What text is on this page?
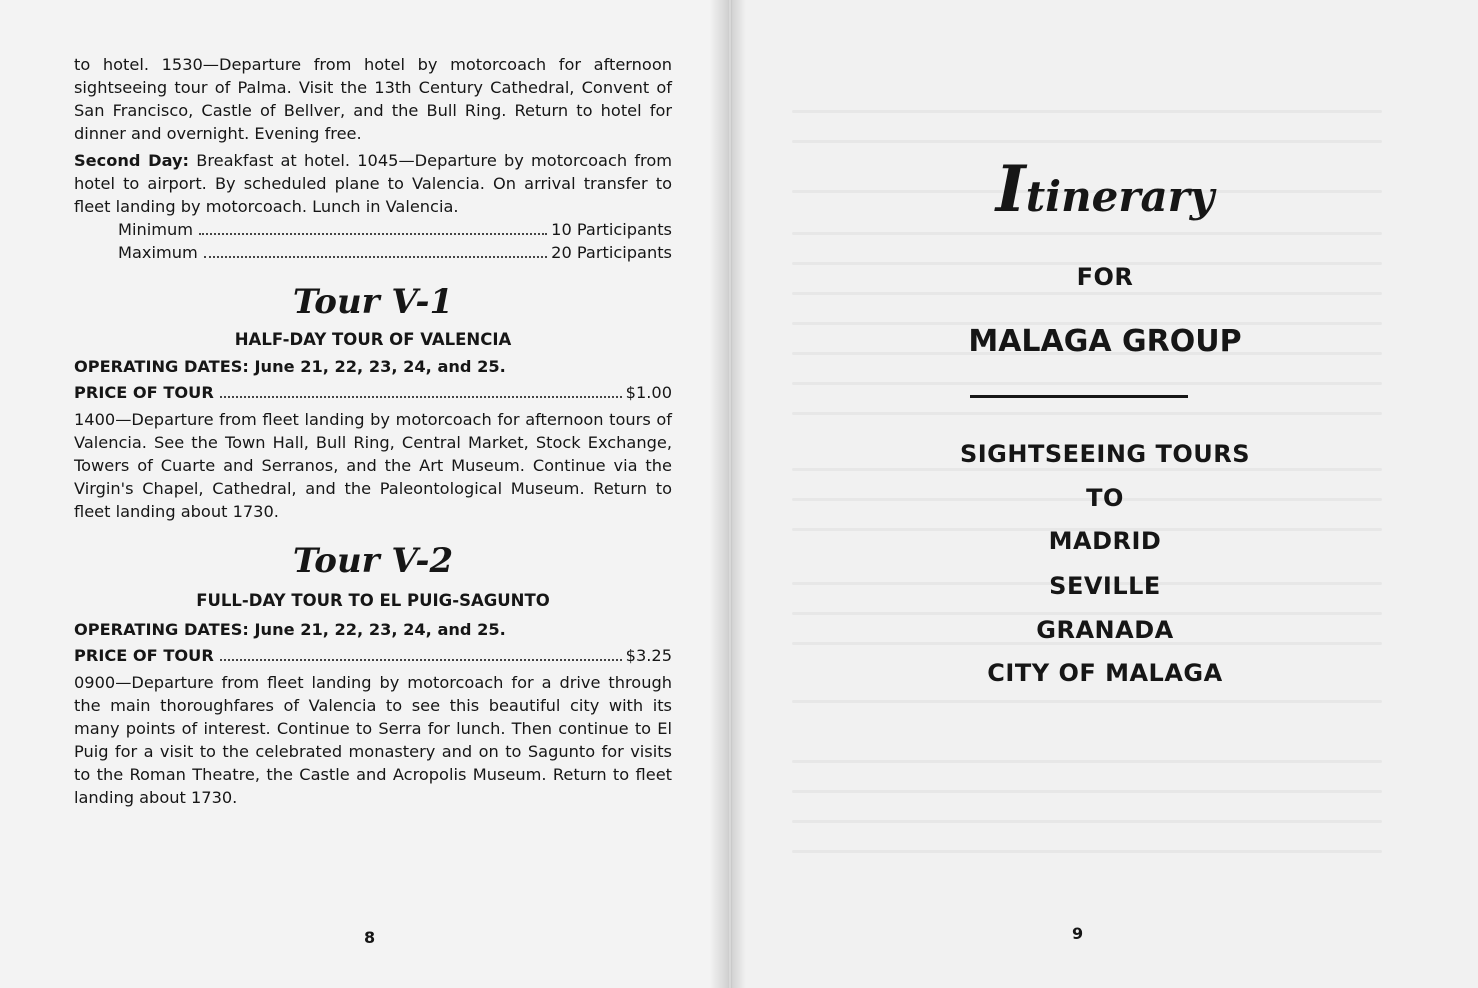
to hotel. 1530—Departure from hotel by motorcoach for afternoon sightseeing tour of Palma. Visit the 13th Century Cathedral, Convent of San Francisco, Castle of Bellver, and the Bull Ring. Return to hotel for dinner and overnight. Evening free.

Second Day: Breakfast at hotel. 1045—Departure by motorcoach from hotel to airport. By scheduled plane to Valencia. On arrival transfer to fleet landing by motorcoach. Lunch in Valencia.

Minimum	10 Participants
Maximum	20 Participants

Tour V-1

HALF-DAY TOUR OF VALENCIA

OPERATING DATES: June 21, 22, 23, 24, and 25.

PRICE OF TOUR	$1.00

1400—Departure from fleet landing by motorcoach for afternoon tours of Valencia. See the Town Hall, Bull Ring, Central Market, Stock Exchange, Towers of Cuarte and Serranos, and the Art Museum. Continue via the Virgin's Chapel, Cathedral, and the Paleontological Museum. Return to fleet landing about 1730.

Tour V-2

FULL-DAY TOUR TO EL PUIG-SAGUNTO

OPERATING DATES: June 21, 22, 23, 24, and 25.

PRICE OF TOUR	$3.25

0900—Departure from fleet landing by motorcoach for a drive through the main thoroughfares of Valencia to see this beautiful city with its many points of interest. Continue to Serra for lunch. Then continue to El Puig for a visit to the celebrated monastery and on to Sagunto for visits to the Roman Theatre, the Castle and Acropolis Museum. Return to fleet landing about 1730.

8
Itinerary
FOR
MALAGA GROUP
SIGHTSEEING TOURS
TO
MADRID
SEVILLE
GRANADA
CITY OF MALAGA
9
